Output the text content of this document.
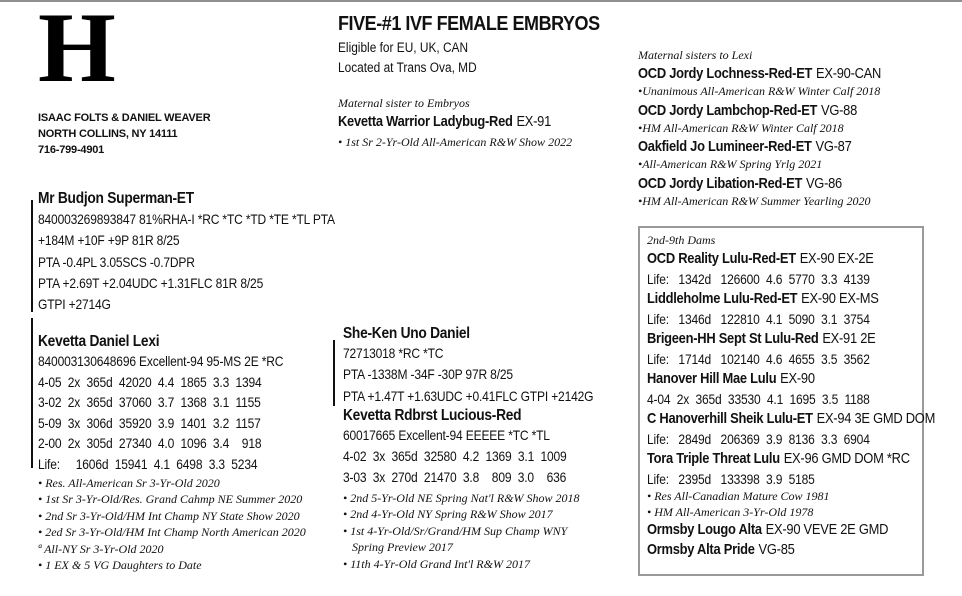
H
ISAAC FOLTS & DANIEL WEAVER
NORTH COLLINS, NY 14111
716-799-4901
FIVE-#1 IVF FEMALE EMBRYOS
Eligible for EU, UK, CAN
Located at Trans Ova, MD
Maternal sister to Embryos
Kevetta Warrior Ladybug-Red EX-91
• 1st Sr 2-Yr-Old All-American R&W Show 2022
Maternal sisters to Lexi
OCD Jordy Lochness-Red-ET EX-90-CAN
•Unanimous All-American R&W Winter Calf 2018
OCD Jordy Lambchop-Red-ET VG-88
•HM All-American R&W Winter Calf 2018
Oakfield Jo Lumineer-Red-ET VG-87
•All-American R&W Spring Yrlg 2021
OCD Jordy Libation-Red-ET VG-86
•HM All-American R&W Summer Yearling 2020
Mr Budjon Superman-ET
840003269893847 81%RHA-I *RC *TC *TD *TE *TL PTA
+184M +10F +9P 81R 8/25
PTA -0.4PL 3.05SCS -0.7DPR
PTA +2.69T +2.04UDC +1.31FLC 81R 8/25
GTPI +2714G
Kevetta Daniel Lexi
840003130648696 Excellent-94 95-MS 2E *RC
4-05  2x  365d  42020  4.4  1865  3.3  1394
3-02  2x  365d  37060  3.7  1368  3.1  1155
5-09  3x  306d  35920  3.9  1401  3.2  1157
2-00  2x  305d  27340  4.0  1096  3.4    918
Life:     1606d  15941  4.1  6498  3.3  5234
• Res. All-American Sr 3-Yr-Old 2020
• 1st Sr 3-Yr-Old/Res. Grand Cahmp NE Summer 2020
• 2nd Sr 3-Yr-Old/HM Int Champ NY State Show 2020
• 2ed Sr 3-Yr-Old/HM Int Champ North American 2020
ª All-NY Sr 3-Yr-Old 2020
• 1 EX & 5 VG Daughters to Date
She-Ken Uno Daniel
72713018 *RC *TC
PTA -1338M -34F -30P 97R 8/25
PTA +1.47T +1.63UDC +0.41FLC GTPI +2142G
Kevetta Rdbrst Lucious-Red
60017665 Excellent-94 EEEEE *TC *TL
4-02  3x  365d  32580  4.2  1369  3.1  1009
3-03  3x  270d  21470  3.8    809  3.0    636
• 2nd 5-Yr-Old NE Spring Nat'l R&W Show 2018
• 2nd 4-Yr-Old NY Spring R&W Show 2017
• 1st 4-Yr-Old/Sr/Grand/HM Sup Champ WNY
Spring Preview 2017
• 11th 4-Yr-Old Grand Int'l R&W 2017
2nd-9th Dams
OCD Reality Lulu-Red-ET EX-90 EX-2E
Life:   1342d   126600  4.6  5770  3.3  4139
Liddleholme Lulu-Red-ET EX-90 EX-MS
Life:   1346d   122810  4.1  5090  3.1  3754
Brigeen-HH Sept St Lulu-Red EX-91 2E
Life:   1714d   102140  4.6  4655  3.5  3562
Hanover Hill Mae Lulu EX-90
4-04  2x  365d  33530  4.1  1695  3.5  1188
C Hanoverhill Sheik Lulu-ET EX-94 3E GMD DOM
Life:   2849d   206369  3.9  8136  3.3  6904
Tora Triple Threat Lulu EX-96 GMD DOM *RC
Life:   2395d   133398  3.9  5185
• Res All-Canadian Mature Cow 1981
• HM All-American 3-Yr-Old 1978
Ormsby Lougo Alta EX-90 VEVE 2E GMD
Ormsby Alta Pride VG-85
